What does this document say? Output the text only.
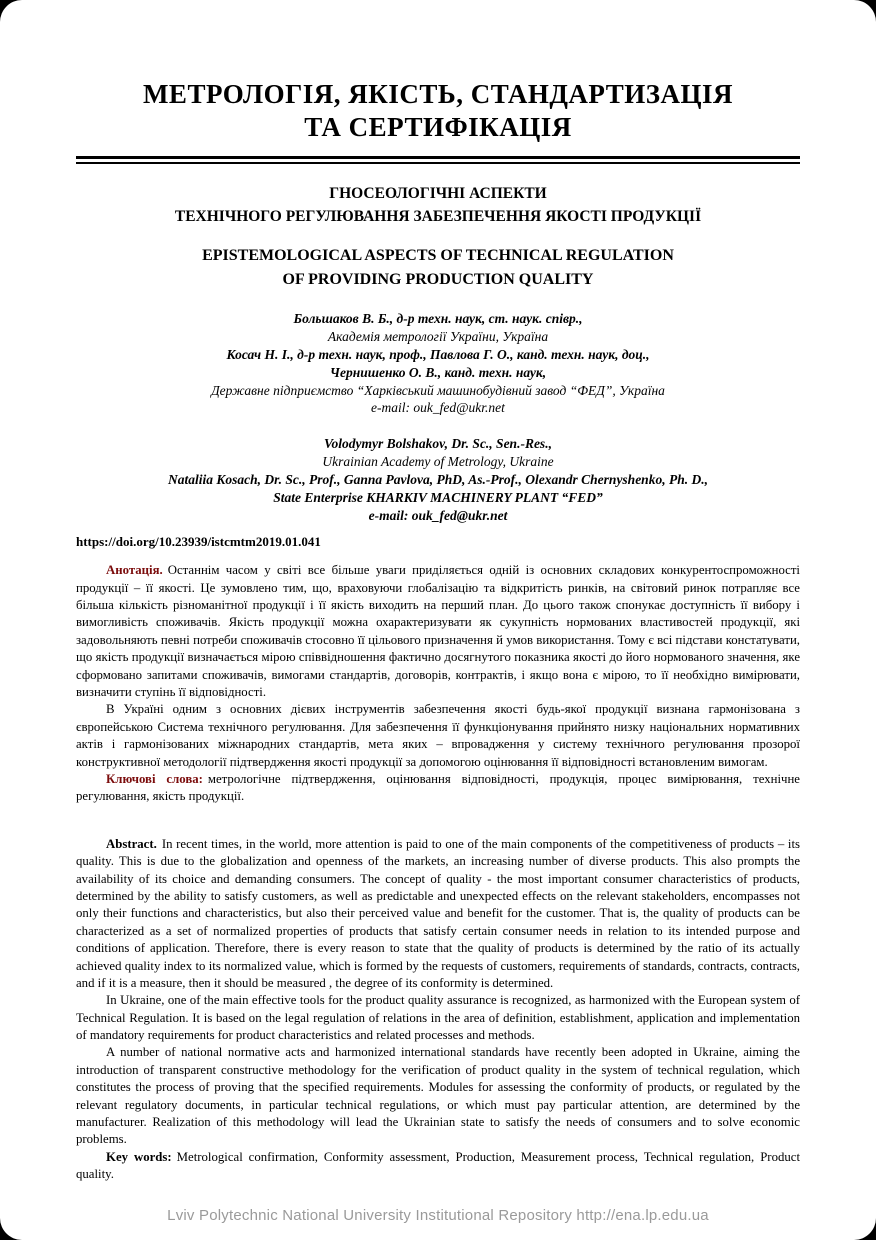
МЕТРОЛОГІЯ, ЯКІСТЬ, СТАНДАРТИЗАЦІЯ
ТА СЕРТИФІКАЦІЯ
ГНОСЕОЛОГІЧНІ АСПЕКТИ
ТЕХНІЧНОГО РЕГУЛЮВАННЯ ЗАБЕЗПЕЧЕННЯ ЯКОСТІ ПРОДУКЦІЇ
EPISTEMOLOGICAL ASPECTS OF TECHNICAL REGULATION
OF PROVIDING PRODUCTION QUALITY
Большаков В. Б., д-р техн. наук, ст. наук. співр.,
Академія метрології України, Україна
Косач Н. І., д-р техн. наук, проф., Павлова Г. О., канд. техн. наук, доц.,
Чернишенко О. В., канд. техн. наук,
Державне підприємство “Харківський машинобудівний завод “ФЕД”, Україна
e-mail: ouk_fed@ukr.net
Volodymyr Bolshakov, Dr. Sc., Sen.-Res.,
Ukrainian Academy of Metrology, Ukraine
Nataliia Kosach, Dr. Sc., Prof., Ganna Pavlova, PhD, As.-Prof., Olexandr Chernyshenko, Ph. D.,
State Enterprise KHARKIV MACHINERY PLANT “FED”
e-mail: ouk_fed@ukr.net
https://doi.org/10.23939/istcmtm2019.01.041

Анотація. Останнім часом у світі все більше уваги приділяється одній із основних складових конкурентоспроможності продукції – її якості. Це зумовлено тим, що, враховуючи глобалізацію та відкритість ринків, на світовий ринок потрапляє все більша кількість різноманітної продукції і її якість виходить на перший план. До цього також спонукає доступність її вибору і вимогливість споживачів. Якість продукції можна охарактеризувати як сукупність нормованих властивостей продукції, які задовольняють певні потреби споживачів стосовно її цільового призначення й умов використання. Тому є всі підстави констатувати, що якість продукції визначається мірою співвідношення фактично досягнутого показника якості до його нормованого значення, яке сформовано запитами споживачів, вимогами стандартів, договорів, контрактів, і якщо вона є мірою, то її необхідно вимірювати, визначити ступінь її відповідності.

В Україні одним з основних дієвих інструментів забезпечення якості будь-якої продукції визнана гармонізована з європейською Система технічного регулювання. Для забезпечення її функціонування прийнято низку національних нормативних актів і гармонізованих міжнародних стандартів, мета яких – впровадження у систему технічного регулювання прозорої конструктивної методології підтвердження якості продукції за допомогою оцінювання її відповідності встановленим вимогам.

Ключові слова: метрологічне підтвердження, оцінювання відповідності, продукція, процес вимірювання, технічне регулювання, якість продукції.

Abstract. In recent times, in the world, more attention is paid to one of the main components of the competitiveness of products – its quality. This is due to the globalization and openness of the markets, an increasing number of diverse products. This also prompts the availability of its choice and demanding consumers. The concept of quality - the most important consumer characteristics of products, determined by the ability to satisfy customers, as well as predictable and unexpected effects on the relevant stakeholders, encompasses not only their functions and characteristics, but also their perceived value and benefit for the customer. That is, the quality of products can be characterized as a set of normalized properties of products that satisfy certain consumer needs in relation to its intended purpose and conditions of application. Therefore, there is every reason to state that the quality of products is determined by the ratio of its actually achieved quality index to its normalized value, which is formed by the requests of customers, requirements of standards, contracts, contracts, and if it is a measure, then it should be measured , the degree of its conformity is determined.

In Ukraine, one of the main effective tools for the product quality assurance is recognized, as harmonized with the European system of Technical Regulation. It is based on the legal regulation of relations in the area of definition, establishment, application and implementation of mandatory requirements for product characteristics and related processes and methods.

A number of national normative acts and harmonized international standards have recently been adopted in Ukraine, aiming the introduction of transparent constructive methodology for the verification of product quality in the system of technical regulation, which constitutes the process of proving that the specified requirements. Modules for assessing the conformity of products, or regulated by the relevant regulatory documents, in particular technical regulations, or which must pay particular attention, are determined by the manufacturer. Realization of this methodology will lead the Ukrainian state to satisfy the needs of consumers and to solve economic problems.

Key words: Metrological confirmation, Conformity assessment, Production, Measurement process, Technical regulation, Product quality.

Lviv Polytechnic National University Institutional Repository http://ena.lp.edu.ua
